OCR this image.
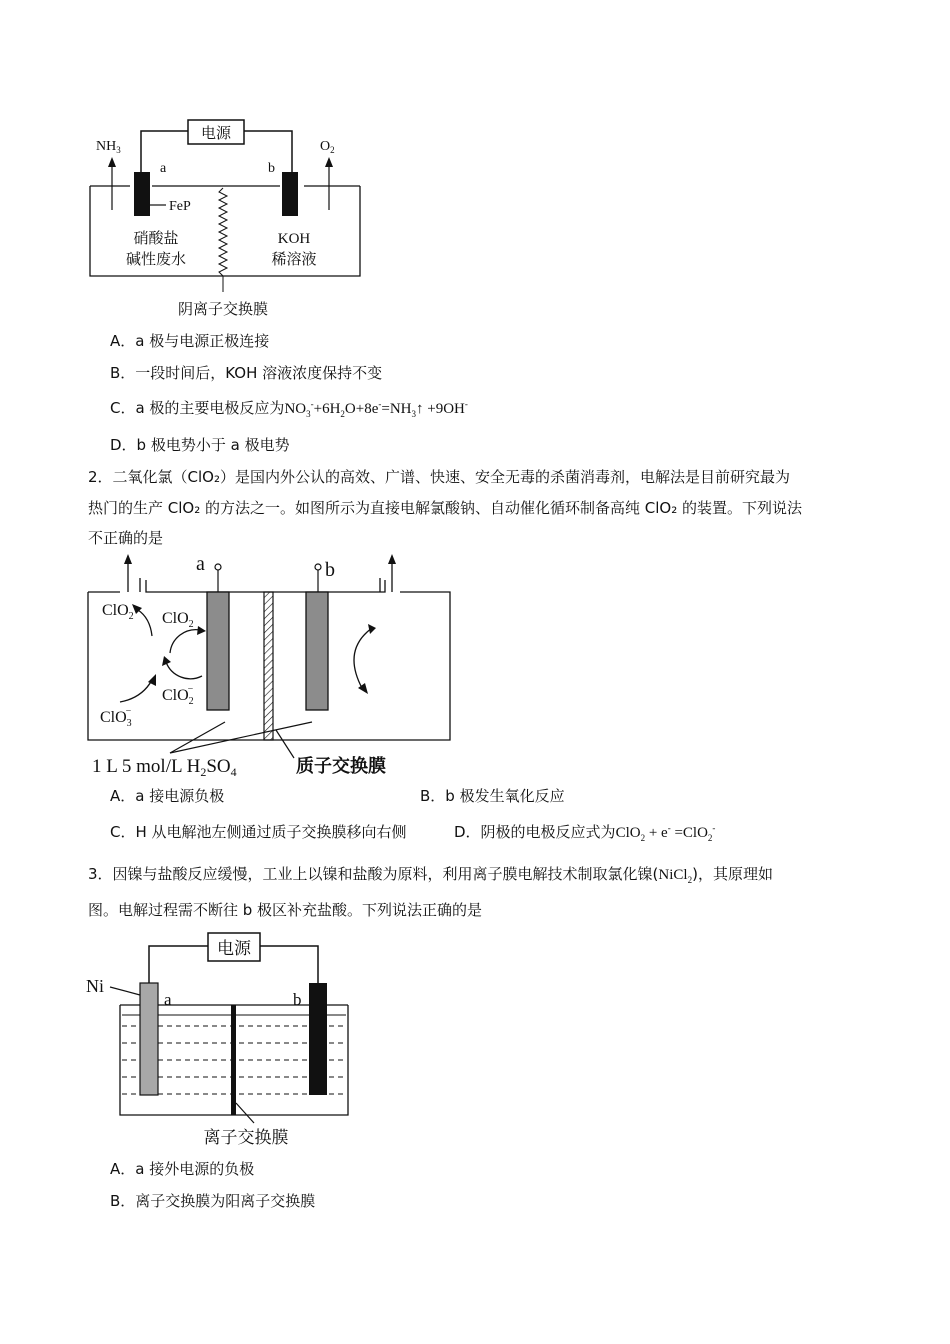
电源
a	b
FeP
$NH_3$	$O_2$
硝酸盐
碱性废水
KOH
稀溶液
阴离子交换膜
A．a 极与电源正极连接
B．一段时间后，KOH 溶液浓度保持不变
C．a 极的主要电极反应为$NO_3^-+6H_2O+8e^-=NH_3↑ +9OH^-$
D．b 极电势小于 a 极电势
2．二氧化氯（ClO₂）是国内外公认的高效、广谱、快速、安全无毒的杀菌消毒剂，电解法是目前研究最为
热门的生产 ClO₂ 的方法之一。如图所示为直接电解氯酸钠、自动催化循环制备高纯 ClO₂ 的装置。下列说法
不正确的是
a	b
ClO$_2$ ClO$_2$
ClO$_2$−
ClO$_3$−
1 L 5 mol/L $H_2SO_4$	质子交换膜
A．a 接电源负极	B．b 极发生氧化反应
C．H 从电解池左侧通过质子交换膜移向右侧	D．阴极的电极反应式为ClO$_2$ + e- =ClO$_2$-
3．因镍与盐酸反应缓慢，工业上以镍和盐酸为原料，利用离子膜电解技术制取氯化镍(NiCl$_2$)，其原理如
图。电解过程需不断往 b 极区补充盐酸。下列说法正确的是
电源
Ni
a	b
离子交换膜
A．a 接外电源的负极
B．离子交换膜为阳离子交换膜
